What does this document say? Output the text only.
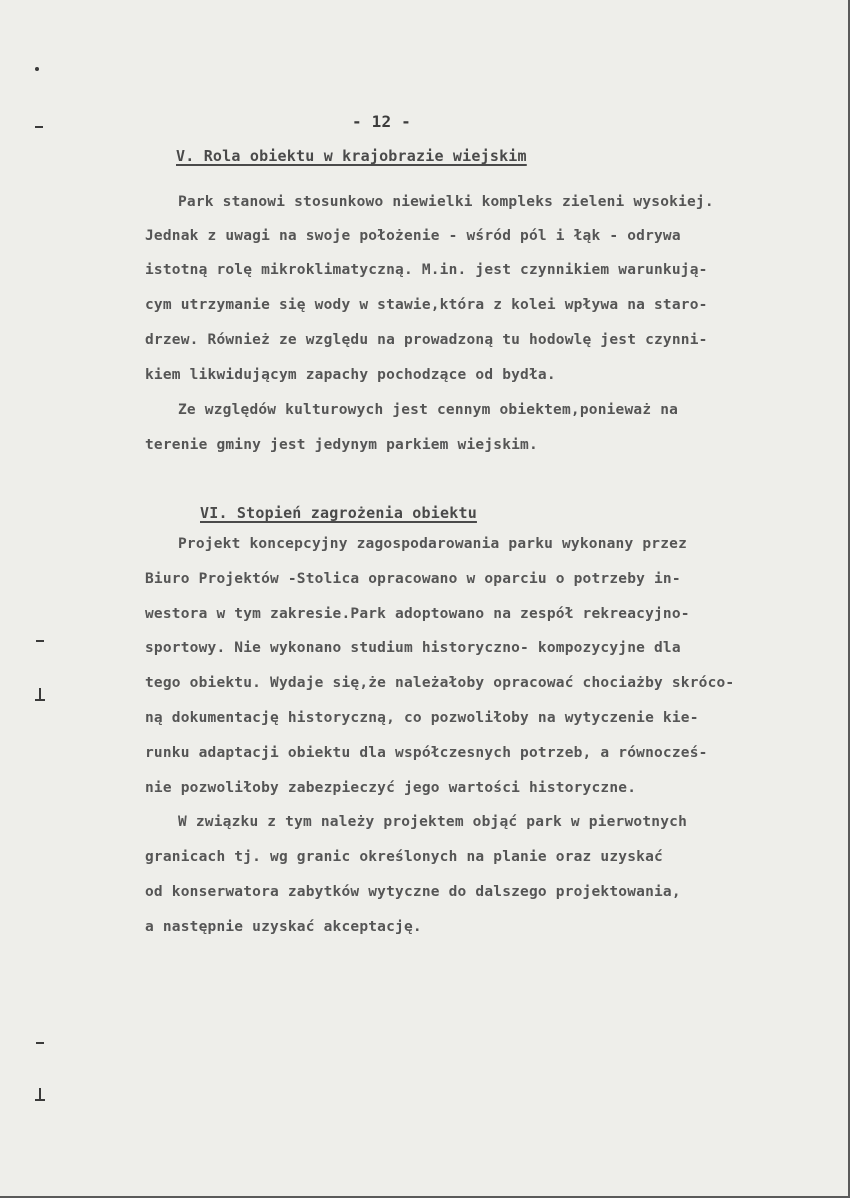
- 12 -
V. Rola obiektu w krajobrazie wiejskim
Park stanowi stosunkowo niewielki kompleks zieleni wysokiej.
Jednak z uwagi na swoje położenie - wśród pól i łąk - odrywa
istotną rolę mikroklimatyczną. M.in. jest czynnikiem warunkują-
cym utrzymanie się wody w stawie,która z kolei wpływa na staro-
drzew. Również ze względu na prowadzoną tu hodowlę jest czynni-
kiem likwidującym zapachy pochodzące od bydła.
Ze względów kulturowych jest cennym obiektem,ponieważ na
terenie gminy jest jedynym parkiem wiejskim.
VI. Stopień zagrożenia obiektu
Projekt koncepcyjny zagospodarowania parku wykonany przez
Biuro Projektów -Stolica opracowano w oparciu o potrzeby in-
westora w tym zakresie.Park adoptowano na zespół rekreacyjno-
sportowy. Nie wykonano studium historyczno- kompozycyjne dla
tego obiektu. Wydaje się,że należałoby opracować chociażby skróco-
ną dokumentację historyczną, co pozwoliłoby na wytyczenie kie-
runku adaptacji obiektu dla współczesnych potrzeb, a równocześ-
nie pozwoliłoby zabezpieczyć jego wartości historyczne.
W związku z tym należy projektem objąć park w pierwotnych
granicach tj. wg granic określonych na planie oraz uzyskać
od konserwatora zabytków wytyczne do dalszego projektowania,
a następnie uzyskać akceptację.
